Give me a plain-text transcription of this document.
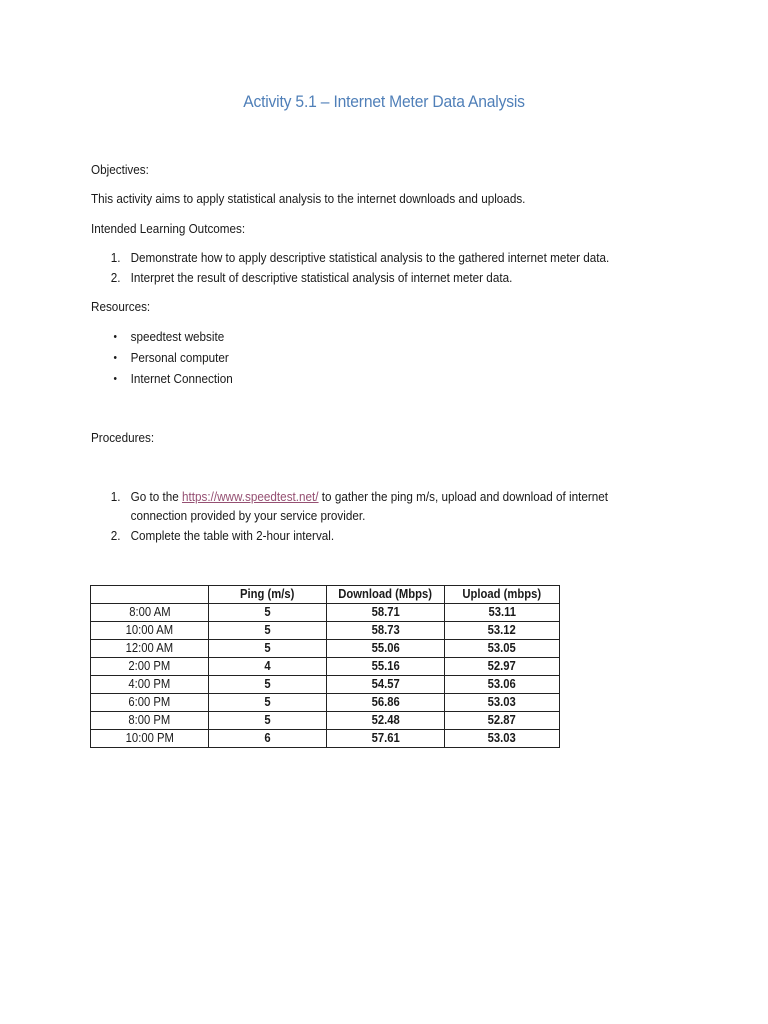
Activity 5.1 – Internet Meter Data Analysis
Objectives:
This activity aims to apply statistical analysis to the internet downloads and uploads.
Intended Learning Outcomes:
1. Demonstrate how to apply descriptive statistical analysis to the gathered internet meter data.
2. Interpret the result of descriptive statistical analysis of internet meter data.
Resources:
•	speedtest website
•	Personal computer
•	Internet Connection
Procedures:
1. Go to the https://www.speedtest.net/ to gather the ping m/s, upload and download of internet
connection provided by your service provider.
2. Complete the table with 2-hour interval.
	Ping (m/s)	Download (Mbps)	Upload (mbps)
8:00 AM	5	58.71	53.11
10:00 AM	5	58.73	53.12
12:00 AM	5	55.06	53.05
2:00 PM	4	55.16	52.97
4:00 PM	5	54.57	53.06
6:00 PM	5	56.86	53.03
8:00 PM	5	52.48	52.87
10:00 PM	6	57.61	53.03
